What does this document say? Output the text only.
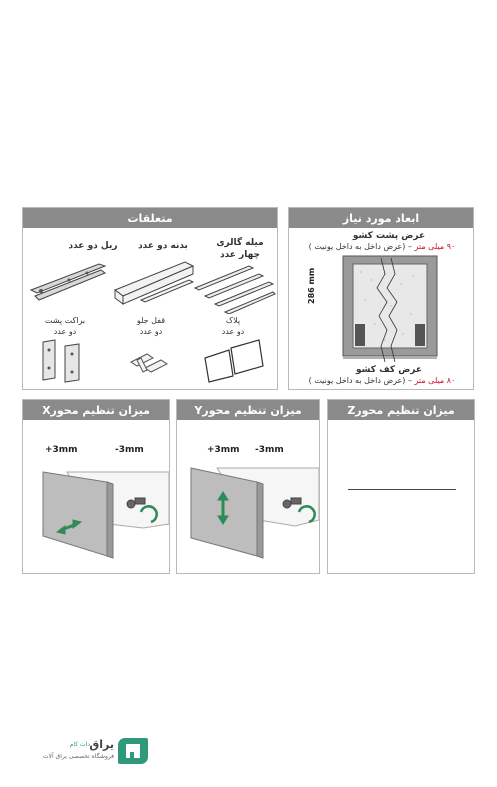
متعلقات
ریل دو عدد	بدنه دو عدد	میله گالری
چهار عدد
براکت پشت
دو عدد
قفل جلو
دو عدد
پلاک
دو عدد
ابعاد مورد نیاز
عرض پشت کشو
۹۰ میلی متر – (عرض داخل به داخل یونیت )
286 mm
عرض کف کشو
۸۰ میلی متر – (عرض داخل به داخل یونیت )
میزان تنظیم محورX
+3mm	-3mm
میزان تنظیم محورY
+3mm -3mm
میزان تنظیم محورZ
یراق
دات کام
فروشگاه تخصصی یراق آلات
